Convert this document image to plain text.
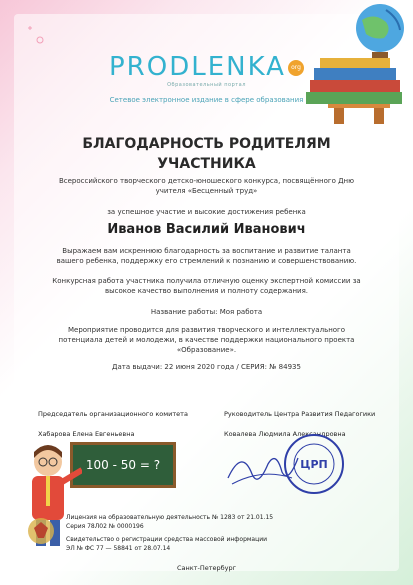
PRODLENKA org
Образовательный портал
Сетевое электронное издание в сфере образования
БЛАГОДАРНОСТЬ РОДИТЕЛЯМ
УЧАСТНИКА
Всероссийского творческого детско-юношеского конкурса, посвящённого Дню учителя «Бесценный труд»
за успешное участие и высокие достижения ребенка
Иванов Василий Иванович
Выражаем вам искреннюю благодарность за воспитание и развитие таланта вашего ребенка, поддержку его стремлений к познанию и совершенствованию.
Конкурсная работа участника получила отличную оценку экспертной комиссии за высокое качество выполнения и полноту содержания.
Название работы: Моя работа
Мероприятие проводится для развития творческого и интеллектуального потенциала детей и молодежи, в качестве поддержки национального проекта «Образование».
Дата выдачи: 22 июня 2020 года / СЕРИЯ: № 84935
Председатель организационного комитета
Хабарова Елена Евгеньевна
Руководитель Центра Развития Педагогики
Ковалева Людмила Александровна
100 - 50 = ?	ЦРП
Лицензия на образовательную деятельность № 1283 от 21.01.15
Серия 78Л02 № 0000196
Свидетельство о регистрации средства массовой информации
ЭЛ № ФС 77 — 58841 от 28.07.14
Санкт-Петербург
